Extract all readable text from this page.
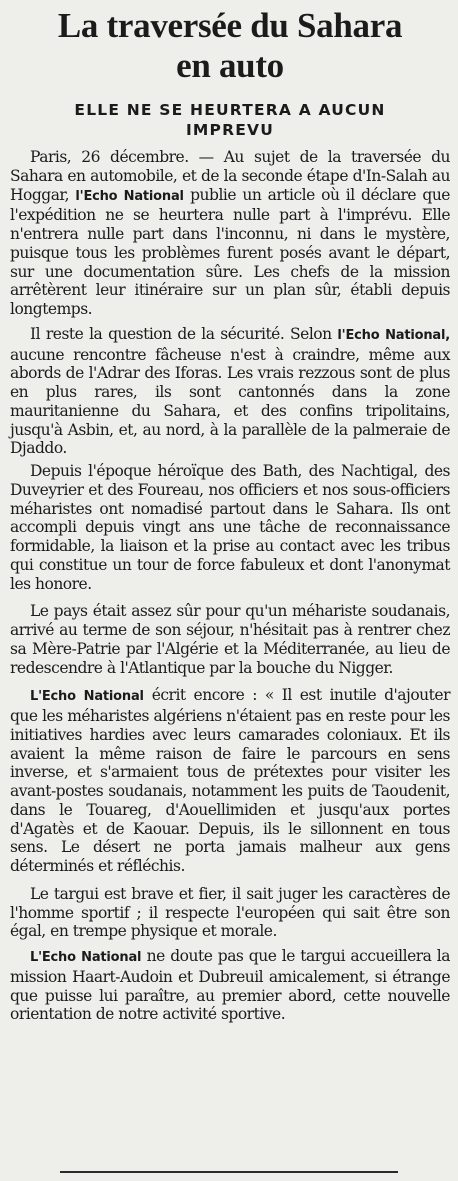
La traversée du Sahara
en auto
ELLE NE SE HEURTERA A AUCUN
IMPREVU

Paris, 26 décembre. — Au sujet de la traversée du Sahara en automobile, et de la seconde étape d'In-Salah au Hoggar, l'Echo National publie un article où il déclare que l'expédition ne se heurtera nulle part à l'imprévu. Elle n'entrera nulle part dans l'inconnu, ni dans le mystère, puisque tous les problèmes furent posés avant le départ, sur une documentation sûre. Les chefs de la mission arrêtèrent leur itinéraire sur un plan sûr, établi depuis longtemps.

Il reste la question de la sécurité. Selon l'Echo National, aucune rencontre fâcheuse n'est à craindre, même aux abords de l'Adrar des Iforas. Les vrais rezzous sont de plus en plus rares, ils sont cantonnés dans la zone mauritanienne du Sahara, et des confins tripolitains, jusqu'à Asbin, et, au nord, à la parallèle de la palmeraie de Djaddo.

Depuis l'époque héroïque des Bath, des Nachtigal, des Duveyrier et des Foureau, nos officiers et nos sous-officiers méharistes ont nomadisé partout dans le Sahara. Ils ont accompli depuis vingt ans une tâche de reconnaissance formidable, la liaison et la prise au contact avec les tribus qui constitue un tour de force fabuleux et dont l'anonymat les honore.

Le pays était assez sûr pour qu'un méhariste soudanais, arrivé au terme de son séjour, n'hésitait pas à rentrer chez sa Mère-Patrie par l'Algérie et la Méditerranée, au lieu de redescendre à l'Atlantique par la bouche du Nigger.

L'Echo National écrit encore : « Il est inutile d'ajouter que les méharistes algériens n'étaient pas en reste pour les initiatives hardies avec leurs camarades coloniaux. Et ils avaient la même raison de faire le parcours en sens inverse, et s'armaient tous de prétextes pour visiter les avant-postes soudanais, notamment les puits de Taoudenit, dans le Touareg, d'Aouellimiden et jusqu'aux portes d'Agatès et de Kaouar. Depuis, ils le sillonnent en tous sens. Le désert ne porta jamais malheur aux gens déterminés et réfléchis.

Le targui est brave et fier, il sait juger les caractères de l'homme sportif ; il respecte l'européen qui sait être son égal, en trempe physique et morale.

L'Echo National ne doute pas que le targui accueillera la mission Haart-Audoin et Dubreuil amicalement, si étrange que puisse lui paraître, au premier abord, cette nouvelle orientation de notre activité sportive.
